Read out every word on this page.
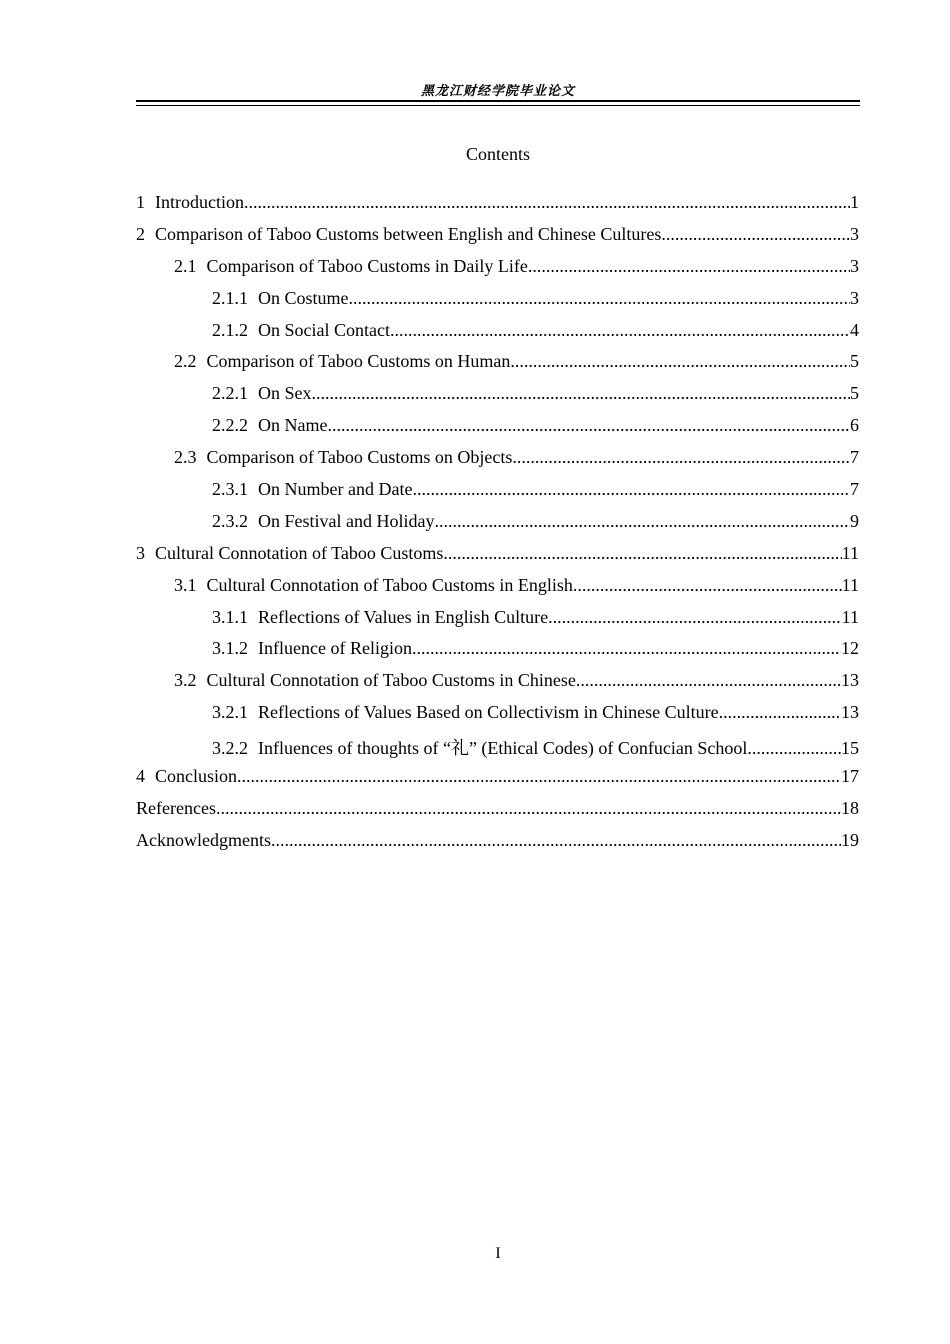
黑龙江财经学院毕业论文
Contents
1 Introduction .....	1
2 Comparison of Taboo Customs between English and Chinese Cultures .....	3
2.1 Comparison of Taboo Customs in Daily Life .....	3
2.1.1 On Costume .....	3
2.1.2 On Social Contact .....	4
2.2 Comparison of Taboo Customs on Human .....	5
2.2.1 On Sex .....	5
2.2.2 On Name .....	6
2.3 Comparison of Taboo Customs on Objects .....	7
2.3.1 On Number and Date .....	7
2.3.2 On Festival and Holiday .....	9
3 Cultural Connotation of Taboo Customs .....	11
3.1 Cultural Connotation of Taboo Customs in English .....	11
3.1.1 Reflections of Values in English Culture .....	11
3.1.2 Influence of Religion .....	12
3.2 Cultural Connotation of Taboo Customs in Chinese .....	13
3.2.1 Reflections of Values Based on Collectivism in Chinese Culture .....	13
3.2.2 Influences of thoughts of “礼” (Ethical Codes) of Confucian School .....	15
4 Conclusion .....	17
References .....	18
Acknowledgments .....	19
I
